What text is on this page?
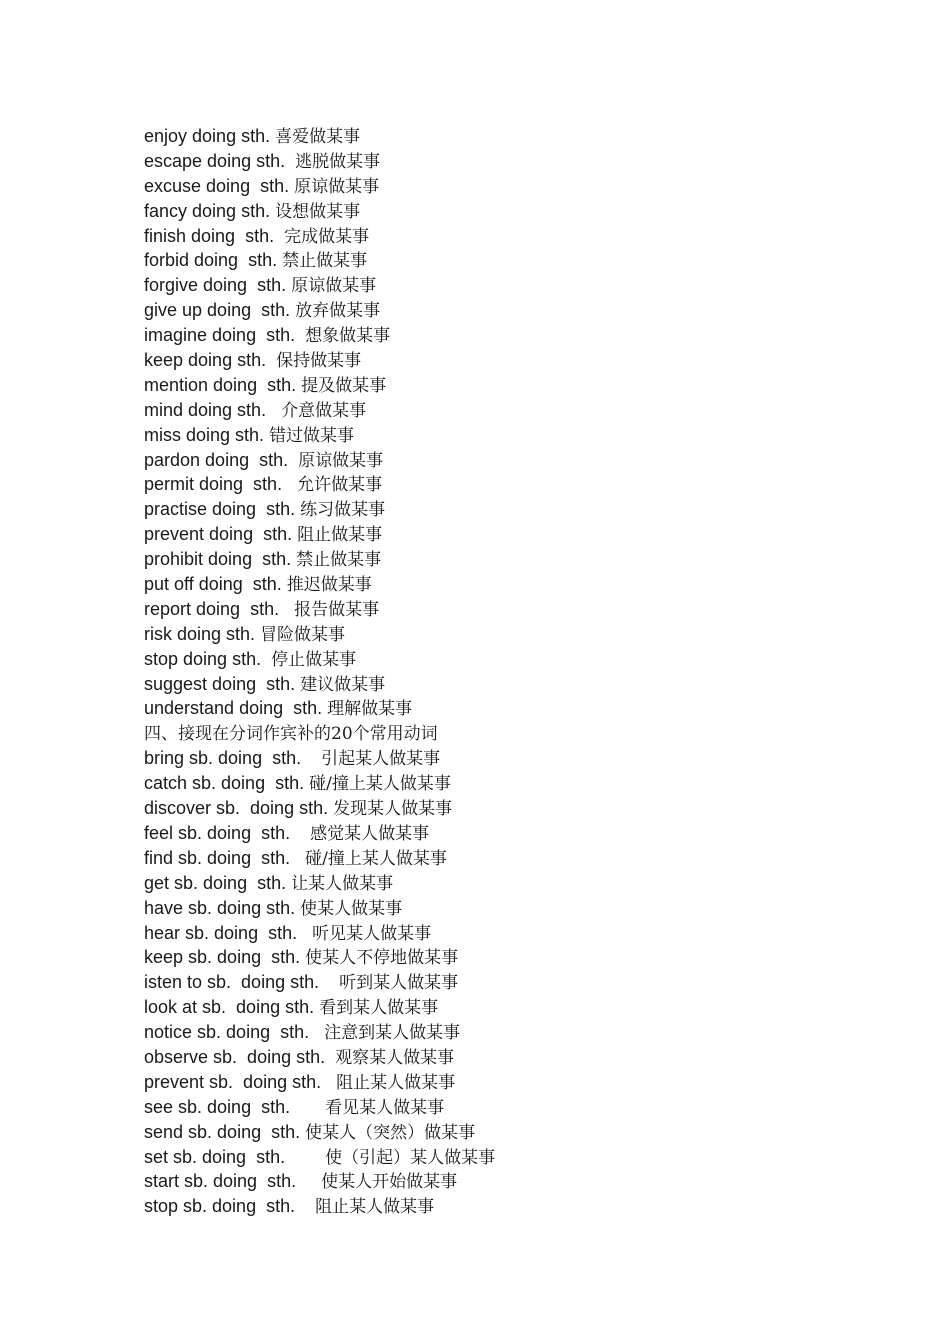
enjoy doing sth. 喜爱做某事
escape doing sth.  逃脱做某事
excuse doing  sth. 原谅做某事
fancy doing sth. 设想做某事
finish doing  sth.  完成做某事
forbid doing  sth. 禁止做某事
forgive doing  sth. 原谅做某事
give up doing  sth. 放弃做某事
imagine doing  sth.  想象做某事
keep doing sth.  保持做某事
mention doing  sth. 提及做某事
mind doing sth.   介意做某事
miss doing sth. 错过做某事
pardon doing  sth.  原谅做某事
permit doing  sth.   允许做某事
practise doing  sth. 练习做某事
prevent doing  sth. 阻止做某事
prohibit doing  sth. 禁止做某事
put off doing  sth. 推迟做某事
report doing  sth.   报告做某事
risk doing sth. 冒险做某事
stop doing sth.  停止做某事
suggest doing  sth. 建议做某事
understand doing  sth. 理解做某事
四、接现在分词作宾补的20个常用动词
bring sb. doing  sth.    引起某人做某事
catch sb. doing  sth. 碰/撞上某人做某事
discover sb.  doing sth. 发现某人做某事
feel sb. doing  sth.    感觉某人做某事
find sb. doing  sth.   碰/撞上某人做某事
get sb. doing  sth. 让某人做某事
have sb. doing sth. 使某人做某事
hear sb. doing  sth.   听见某人做某事
keep sb. doing  sth. 使某人不停地做某事
isten to sb.  doing sth.    听到某人做某事
look at sb.  doing sth. 看到某人做某事
notice sb. doing  sth.   注意到某人做某事
observe sb.  doing sth.  观察某人做某事
prevent sb.  doing sth.   阻止某人做某事
see sb. doing  sth.       看见某人做某事
send sb. doing  sth. 使某人（突然）做某事
set sb. doing  sth.        使（引起）某人做某事
start sb. doing  sth.     使某人开始做某事
stop sb. doing  sth.    阻止某人做某事
